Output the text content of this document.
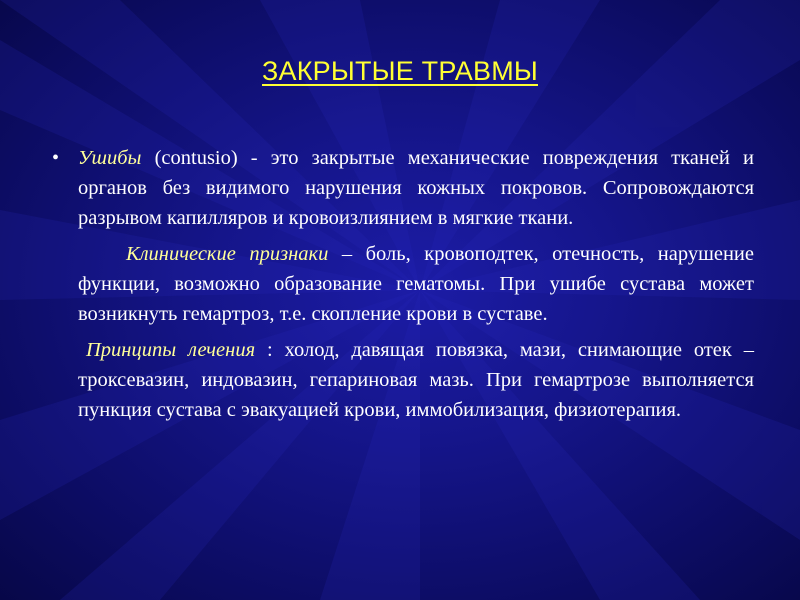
ЗАКРЫТЫЕ ТРАВМЫ

• Ушибы (contusio) - это закрытые механические повреждения тканей и органов без видимого нарушения кожных покровов. Сопровождаются разрывом капилляров и кровоизлиянием в мягкие ткани.

Клинические признаки – боль, кровоподтек, отечность, нарушение функции, возможно образование гематомы. При ушибе сустава может возникнуть гемартроз, т.е. скопление крови в суставе.

Принципы лечения : холод, давящая повязка, мази, снимающие отек – троксевазин, индовазин, гепариновая мазь. При гемартрозе выполняется пункция сустава с эвакуацией крови, иммобилизация, физиотерапия.
